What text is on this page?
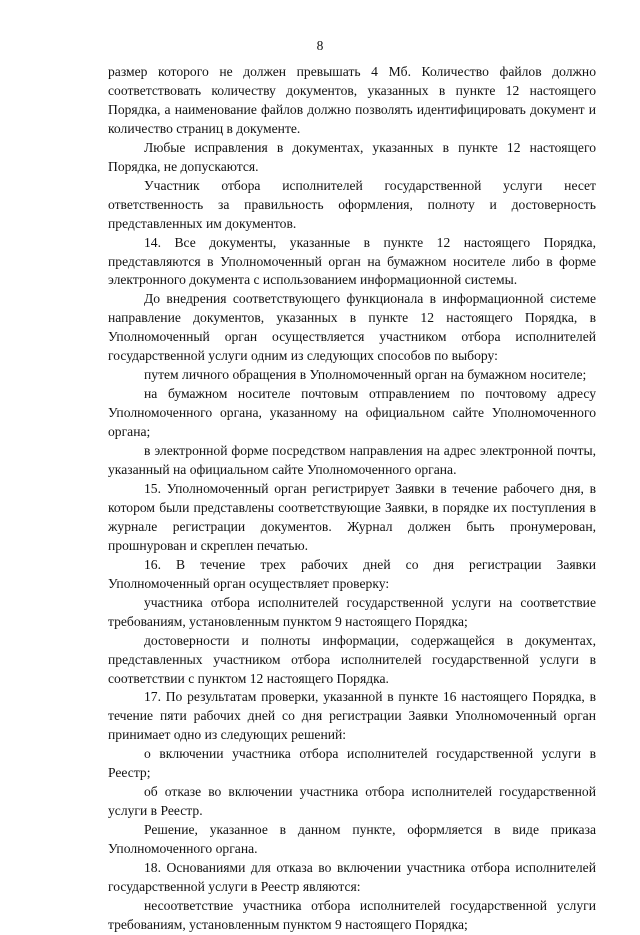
8

размер которого не должен превышать 4 Мб. Количество файлов должно соответствовать количеству документов, указанных в пункте 12 настоящего Порядка, а наименование файлов должно позволять идентифицировать документ и количество страниц в документе.

Любые исправления в документах, указанных в пункте 12 настоящего Порядка, не допускаются.

Участник отбора исполнителей государственной услуги несет ответственность за правильность оформления, полноту и достоверность представленных им документов.

14. Все документы, указанные в пункте 12 настоящего Порядка, представляются в Уполномоченный орган на бумажном носителе либо в форме электронного документа с использованием информационной системы.

До внедрения соответствующего функционала в информационной системе направление документов, указанных в пункте 12 настоящего Порядка, в Уполномоченный орган осуществляется участником отбора исполнителей государственной услуги одним из следующих способов по выбору:

путем личного обращения в Уполномоченный орган на бумажном носителе;

на бумажном носителе почтовым отправлением по почтовому адресу Уполномоченного органа, указанному на официальном сайте Уполномоченного органа;

в электронной форме посредством направления на адрес электронной почты, указанный на официальном сайте Уполномоченного органа.

15. Уполномоченный орган регистрирует Заявки в течение рабочего дня, в котором были представлены соответствующие Заявки, в порядке их поступления в журнале регистрации документов. Журнал должен быть пронумерован, прошнурован и скреплен печатью.

16. В течение трех рабочих дней со дня регистрации Заявки Уполномоченный орган осуществляет проверку:

участника отбора исполнителей государственной услуги на соответствие требованиям, установленным пунктом 9 настоящего Порядка;

достоверности и полноты информации, содержащейся в документах, представленных участником отбора исполнителей государственной услуги в соответствии с пунктом 12 настоящего Порядка.

17. По результатам проверки, указанной в пункте 16 настоящего Порядка, в течение пяти рабочих дней со дня регистрации Заявки Уполномоченный орган принимает одно из следующих решений:

о включении участника отбора исполнителей государственной услуги в Реестр;

об отказе во включении участника отбора исполнителей государственной услуги в Реестр.

Решение, указанное в данном пункте, оформляется в виде приказа Уполномоченного органа.

18. Основаниями для отказа во включении участника отбора исполнителей государственной услуги в Реестр являются:

несоответствие участника отбора исполнителей государственной услуги требованиям, установленным пунктом 9 настоящего Порядка;
